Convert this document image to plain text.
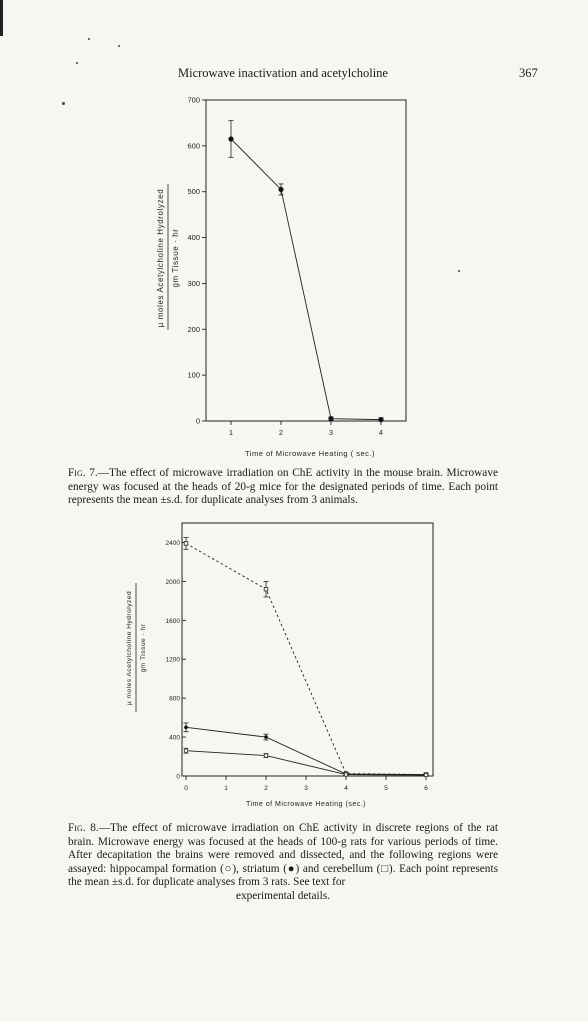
Microwave inactivation and acetylcholine	367
0
100
200
300
400
500
600
700
1	2	3	4
µ moles Acetylcholine Hydrolyzed gm Tissue · hr
Time of Microwave Heating ( sec.)
Fig. 7.—The effect of microwave irradiation on ChE activity in the mouse brain. Microwave energy was focused at the heads of 20-g mice for the designated periods of time. Each point represents the mean ±s.d. for duplicate analyses from 3 animals.
0
400
800
1200
1600
2000
2400
0	1	2	3	4	5	6
µ moles Acetylcholine Hydrolyzed gm Tissue · hr
Time of Microwave Heating (sec.)
Fig. 8.—The effect of microwave irradiation on ChE activity in discrete regions of the rat brain. Microwave energy was focused at the heads of 100-g rats for various periods of time. After decapitation the brains were removed and dissected, and the following regions were assayed: hippocampal formation (○), striatum (●) and cerebellum (□). Each point represents the mean ±s.d. for duplicate analyses from 3 rats. See text for
experimental details.
